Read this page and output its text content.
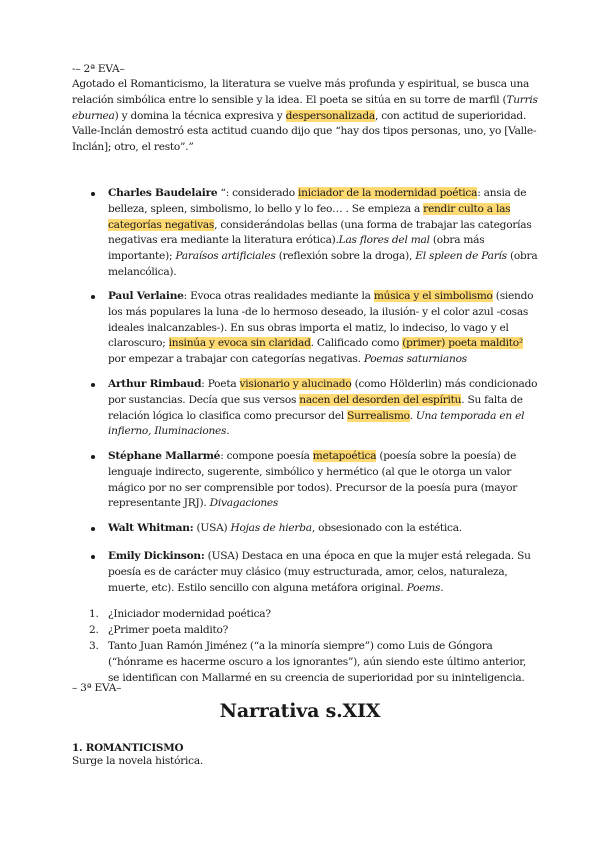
-– 2ª EVA–

Agotado el Romanticismo, la literatura se vuelve más profunda y espiritual, se busca una relación simbólica entre lo sensible y la idea. El poeta se sitúa en su torre de marfil (Turris eburnea) y domina la técnica expresiva y despersonalizada, con actitud de superioridad. Valle-Inclán demostró esta actitud cuando dijo que “hay dos tipos personas, uno, yo [Valle-Inclán]; otro, el resto”.”

Charles Baudelaire “: considerado iniciador de la modernidad poética: ansia de belleza, spleen, simbolismo, lo bello y lo feo… . Se empieza a rendir culto a las categorías negativas, considerándolas bellas (una forma de trabajar las categorías negativas era mediante la literatura erótica).Las flores del mal (obra más importante); Paraísos artificiales (reflexión sobre la droga), El spleen de París (obra melancólica).
Paul Verlaine: Evoca otras realidades mediante la música y el simbolismo (siendo los más populares la luna -de lo hermoso deseado, la ilusión- y el color azul -cosas ideales inalcanzables-). En sus obras importa el matiz, lo indeciso, lo vago y el claroscuro; insinúa y evoca sin claridad. Calificado como (primer) poeta maldito² por empezar a trabajar con categorías negativas. Poemas saturnianos
Arthur Rimbaud: Poeta visionario y alucinado (como Hölderlin) más condicionado por sustancias. Decía que sus versos nacen del desorden del espíritu. Su falta de relación lógica lo clasifica como precursor del Surrealismo. Una temporada en el infierno, Iluminaciones.
Stéphane Mallarmé: compone poesía metapoética (poesía sobre la poesía) de lenguaje indirecto, sugerente, simbólico y hermético (al que le otorga un valor mágico por no ser comprensible por todos). Precursor de la poesía pura (mayor representante JRJ). Divagaciones
Walt Whitman: (USA) Hojas de hierba, obsesionado con la estética.
Emily Dickinson: (USA) Destaca en una época en que la mujer está relegada. Su poesía es de carácter muy clásico (muy estructurada, amor, celos, naturaleza, muerte, etc). Estilo sencillo con alguna metáfora original. Poems.
1. ¿Iniciador modernidad poética?
2. ¿Primer poeta maldito?
3. Tanto Juan Ramón Jiménez (“a la minoría siempre”) como Luis de Góngora (“hónrame es hacerme oscuro a los ignorantes”), aún siendo este último anterior, se identifican con Mallarmé en su creencia de superioridad por su ininteligencia.
– 3ª EVA–
Narrativa s.XIX
1. ROMANTICISMO
Surge la novela histórica.
